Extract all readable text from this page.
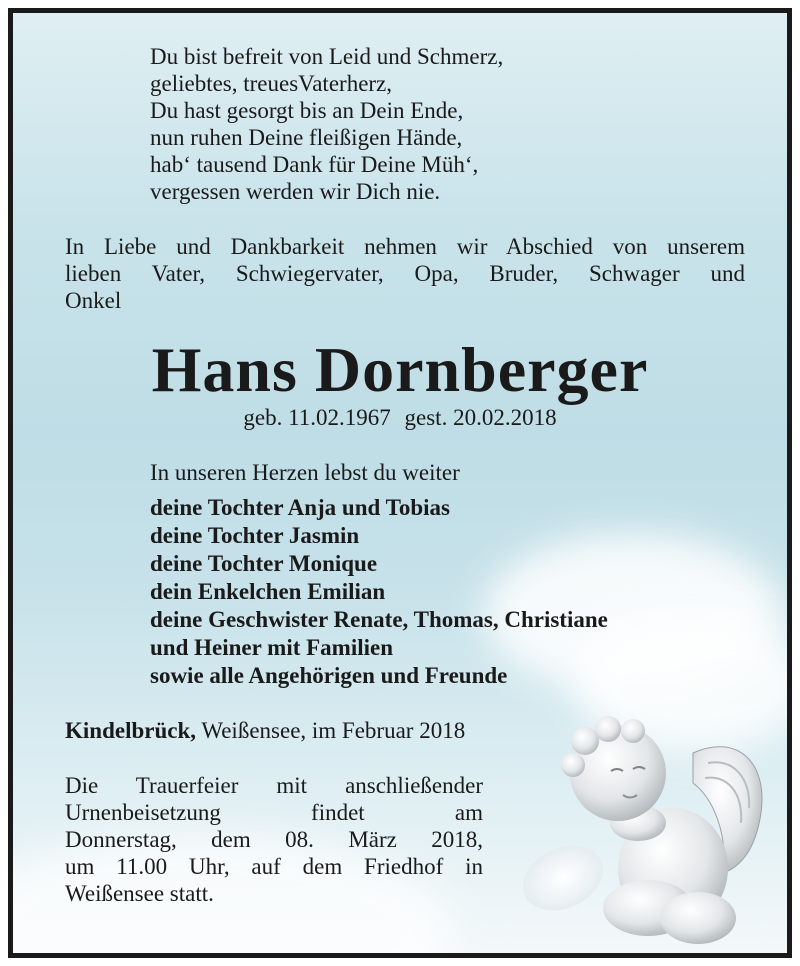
Du bist befreit von Leid und Schmerz,
geliebtes, treuesVaterherz,
Du hast gesorgt bis an Dein Ende,
nun ruhen Deine fleißigen Hände,
hab‘ tausend Dank für Deine Müh‘,
vergessen werden wir Dich nie.
In Liebe und Dankbarkeit nehmen wir Abschied von unserem
lieben Vater, Schwiegervater, Opa, Bruder, Schwager und
Onkel
Hans Dornberger
geb. 11.02.1967 gest. 20.02.2018
In unseren Herzen lebst du weiter
deine Tochter Anja und Tobias
deine Tochter Jasmin
deine Tochter Monique
dein Enkelchen Emilian
deine Geschwister Renate, Thomas, Christiane
und Heiner mit Familien
sowie alle Angehörigen und Freunde
Kindelbrück, Weißensee, im Februar 2018
Die Trauerfeier mit anschließender
Urnenbeisetzung findet am
Donnerstag, dem 08. März 2018,
um 11.00 Uhr, auf dem Friedhof in
Weißensee statt.
